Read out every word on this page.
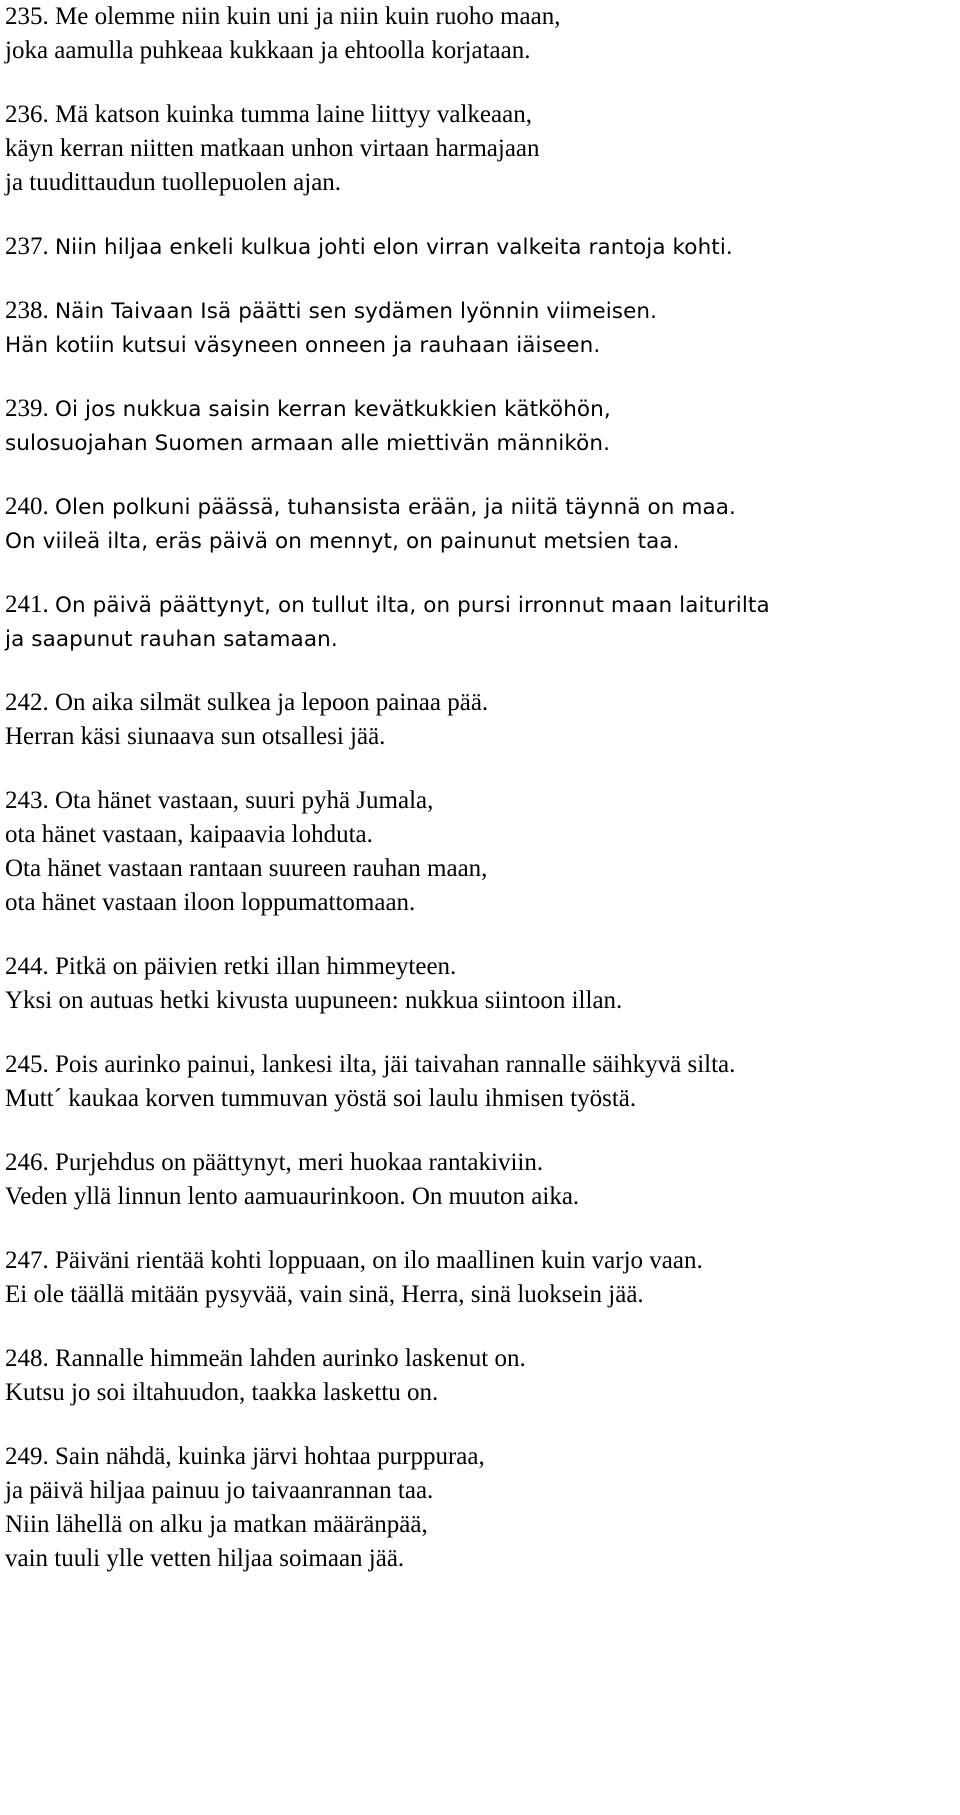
235. Me olemme niin kuin uni ja niin kuin ruoho maan,
joka aamulla puhkeaa kukkaan ja ehtoolla korjataan.
236. Mä katson kuinka tumma laine liittyy valkeaan,
käyn kerran niitten matkaan unhon virtaan harmajaan
ja tuudittaudun tuollepuolen ajan.
237. Niin hiljaa enkeli kulkua johti elon virran valkeita rantoja kohti.
238. Näin Taivaan Isä päätti sen sydämen lyönnin viimeisen.
Hän kotiin kutsui väsyneen onneen ja rauhaan iäiseen.
239. Oi jos nukkua saisin kerran kevätkukkien kätköhön,
sulosuojahan Suomen armaan alle miettivän männikön.
240. Olen polkuni päässä, tuhansista erään, ja niitä täynnä on maa.
On viileä ilta, eräs päivä on mennyt, on painunut metsien taa.
241. On päivä päättynyt, on tullut ilta, on pursi irronnut maan laiturilta
ja saapunut rauhan satamaan.
242. On aika silmät sulkea ja lepoon painaa pää.
Herran käsi siunaava sun otsallesi jää.
243. Ota hänet vastaan, suuri pyhä Jumala,
ota hänet vastaan, kaipaavia lohduta.
Ota hänet vastaan rantaan suureen rauhan maan,
ota hänet vastaan iloon loppumattomaan.
244. Pitkä on päivien retki illan himmeyteen.
Yksi on autuas hetki kivusta uupuneen: nukkua siintoon illan.
245. Pois aurinko painui, lankesi ilta, jäi taivahan rannalle säihkyvä silta.
Mutt´ kaukaa korven tummuvan yöstä soi laulu ihmisen työstä.
246. Purjehdus on päättynyt, meri huokaa rantakiviin.
Veden yllä linnun lento aamuaurinkoon. On muuton aika.
247. Päiväni rientää kohti loppuaan, on ilo maallinen kuin varjo vaan.
Ei ole täällä mitään pysyvää, vain sinä, Herra, sinä luoksein jää.
248. Rannalle himmeän lahden aurinko laskenut on.
Kutsu jo soi iltahuudon, taakka laskettu on.
249. Sain nähdä, kuinka järvi hohtaa purppuraa,
ja päivä hiljaa painuu jo taivaanrannan taa.
Niin lähellä on alku ja matkan määränpää,
vain tuuli ylle vetten hiljaa soimaan jää.
